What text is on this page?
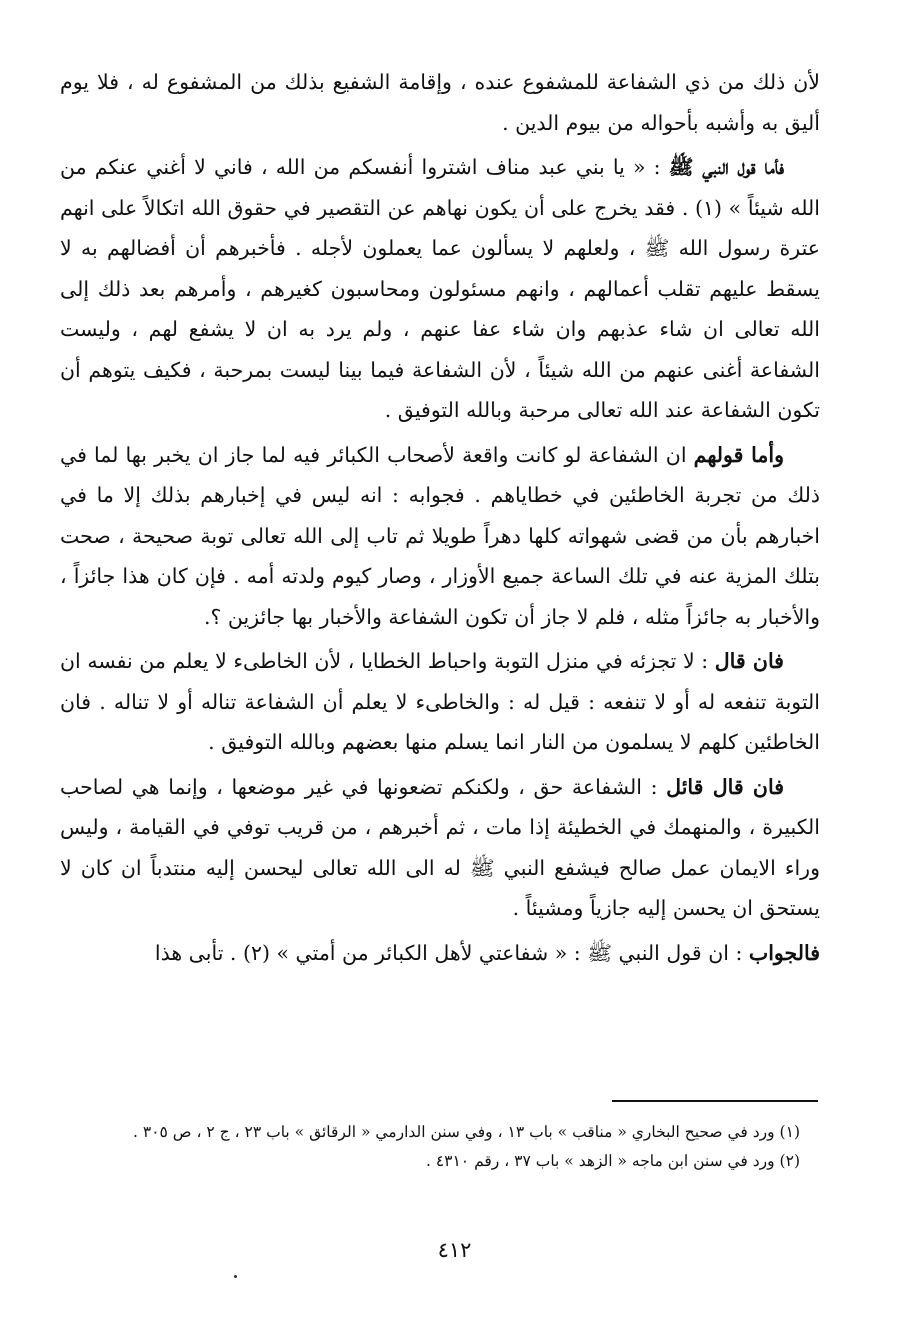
لأن ذلك من ذي الشفاعة للمشفوع عنده ، وإقامة الشفيع بذلك من المشفوع له ، فلا يوم أليق به وأشبه بأحواله من بيوم الدين .

فأما قول النبي ﷺ : « يا بني عبد مناف اشتروا أنفسكم من الله ، فاني لا أغني عنكم من الله شيئاً » (١) . فقد يخرج على أن يكون نهاهم عن التقصير في حقوق الله اتكالاً على انهم عترة رسول الله ﷺ ، ولعلهم لا يسألون عما يعملون لأجله . فأخبرهم أن أفضالهم به لا يسقط عليهم تقلب أعمالهم ، وانهم مسئولون ومحاسبون كغيرهم ، وأمرهم بعد ذلك إلى الله تعالى ان شاء عذبهم وان شاء عفا عنهم ، ولم يرد به ان لا يشفع لهم ، وليست الشفاعة أغنى عنهم من الله شيئاً ، لأن الشفاعة فيما بينا ليست بمرحبة ، فكيف يتوهم أن تكون الشفاعة عند الله تعالى مرحبة وبالله التوفيق .

وأما قولهم ان الشفاعة لو كانت واقعة لأصحاب الكبائر فيه لما جاز ان يخبر بها لما في ذلك من تجربة الخاطئين في خطاياهم . فجوابه : انه ليس في إخبارهم بذلك إلا ما في اخبارهم بأن من قضى شهواته كلها دهراً طويلا ثم تاب إلى الله تعالى توبة صحيحة ، صحت بتلك المزية عنه في تلك الساعة جميع الأوزار ، وصار كيوم ولدته أمه . فإن كان هذا جائزاً ، والأخبار به جائزاً مثله ، فلم لا جاز أن تكون الشفاعة والأخبار بها جائزين ؟.

فان قال : لا تجزئه في منزل التوبة واحباط الخطايا ، لأن الخاطىء لا يعلم من نفسه ان التوبة تنفعه له أو لا تنفعه : قيل له : والخاطىء لا يعلم أن الشفاعة تناله أو لا تناله . فان الخاطئين كلهم لا يسلمون من النار انما يسلم منها بعضهم وبالله التوفيق .

فان قال قائل : الشفاعة حق ، ولكنكم تضعونها في غير موضعها ، وإنما هي لصاحب الكبيرة ، والمنهمك في الخطيئة إذا مات ، ثم أخبرهم ، من قريب توفي في القيامة ، وليس وراء الايمان عمل صالح فيشفع النبي ﷺ له الى الله تعالى ليحسن إليه منتدباً ان كان لا يستحق ان يحسن إليه جازياً ومشيئاً .

فالجواب : ان قول النبي ﷺ : « شفاعتي لأهل الكبائر من أمتي » (٢) . تأبى هذا

(١) ورد في صحيح البخاري « مناقب » باب ١٣ ، وفي سنن الدارمي « الرقائق » باب ٢٣ ، ج ٢ ، ص ٣٠٥ .

(٢) ورد في سنن ابن ماجه « الزهد » باب ٣٧ ، رقم ٤٣١٠ .

٤١٢
